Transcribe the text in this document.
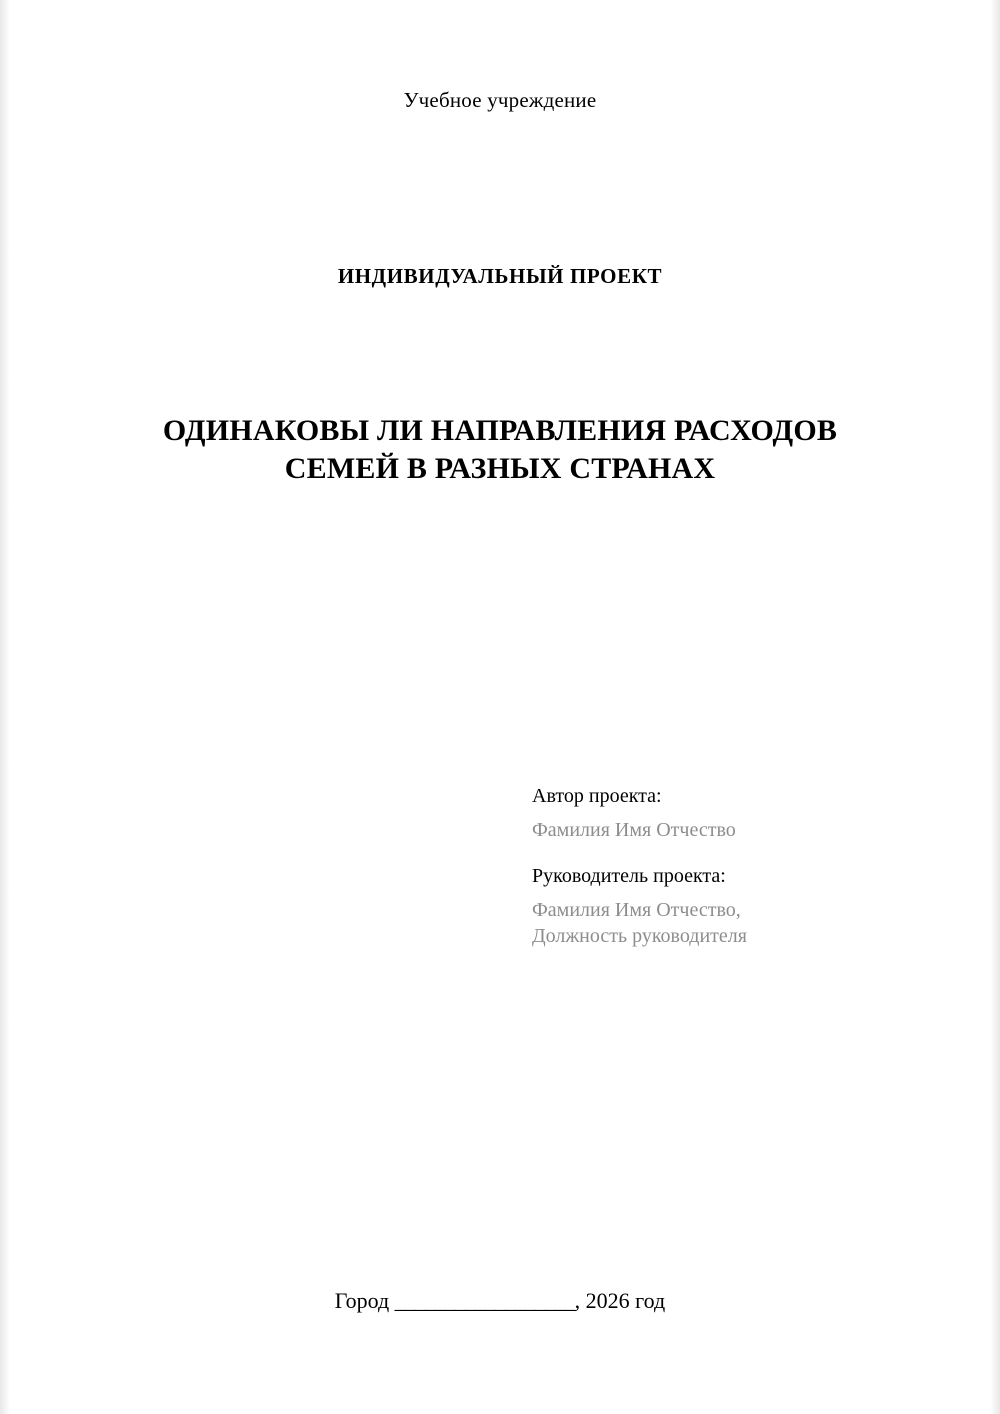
Учебное учреждение
ИНДИВИДУАЛЬНЫЙ ПРОЕКТ
ОДИНАКОВЫ ЛИ НАПРАВЛЕНИЯ РАСХОДОВ СЕМЕЙ В РАЗНЫХ СТРАНАХ
Автор проекта:
Фамилия Имя Отчество
Руководитель проекта:
Фамилия Имя Отчество,
Должность руководителя
Город __________________, 2026 год
